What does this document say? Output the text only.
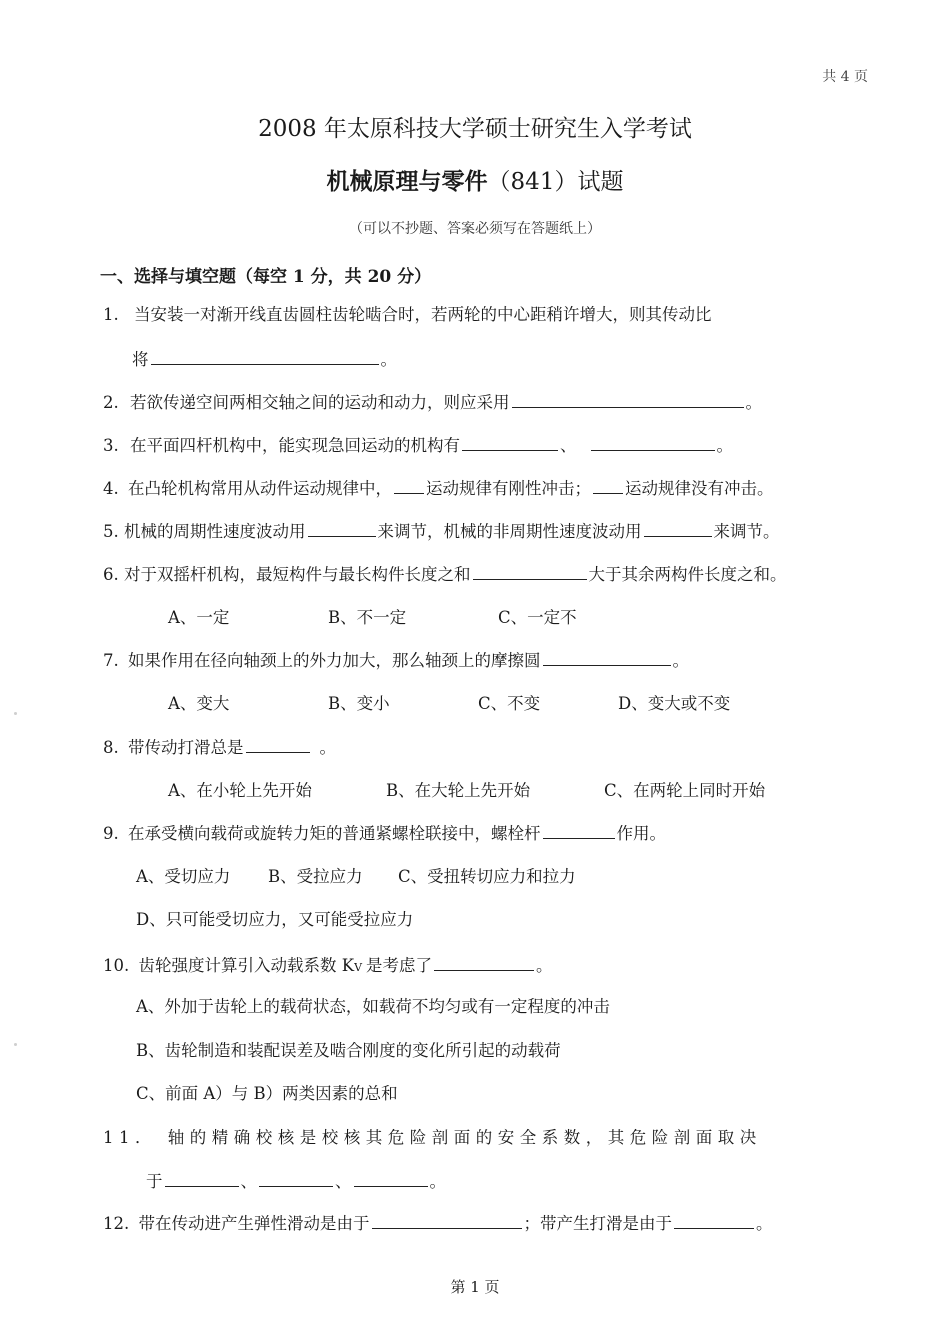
共 4 页
2008 年太原科技大学硕士研究生入学考试
机械原理与零件（841）试题
（可以不抄题、答案必须写在答题纸上）
一、选择与填空题（每空 1 分，共 20 分）
1. 当安装一对渐开线直齿圆柱齿轮啮合时，若两轮的中心距稍许增大，则其传动比
将	。
2. 若欲传递空间两相交轴之间的运动和动力，则应采用	。
3. 在平面四杆机构中，能实现急回运动的机构有	、	。
4. 在凸轮机构常用从动件运动规律中， 运动规律有刚性冲击； 运动规律没有冲击。
5. 机械的周期性速度波动用	来调节，机械的非周期性速度波动用	来调节。
6. 对于双摇杆机构，最短构件与最长构件长度之和	大于其余两构件长度之和。
A、一定	B、不一定	C、一定不
7. 如果作用在径向轴颈上的外力加大，那么轴颈上的摩擦圆	。
A、变大	B、变小	C、不变	D、变大或不变
8. 带传动打滑总是	。
A、在小轮上先开始	B、在大轮上先开始	C、在两轮上同时开始
9. 在承受横向载荷或旋转力矩的普通紧螺栓联接中，螺栓杆	作用。
A、受切应力 B、受拉应力 C、受扭转切应力和拉力
D、只可能受切应力，又可能受拉应力
10. 齿轮强度计算引入动载系数 KV 是考虑了	。
A、外加于齿轮上的载荷状态，如载荷不均匀或有一定程度的冲击
B、齿轮制造和装配误差及啮合刚度的变化所引起的动载荷
C、前面 A）与 B）两类因素的总和
11． 轴的精确校核是校核其危险剖面的安全系数，其危险剖面取决
于	、	、	。
12. 带在传动进产生弹性滑动是由于	；带产生打滑是由于	。
第 1 页
